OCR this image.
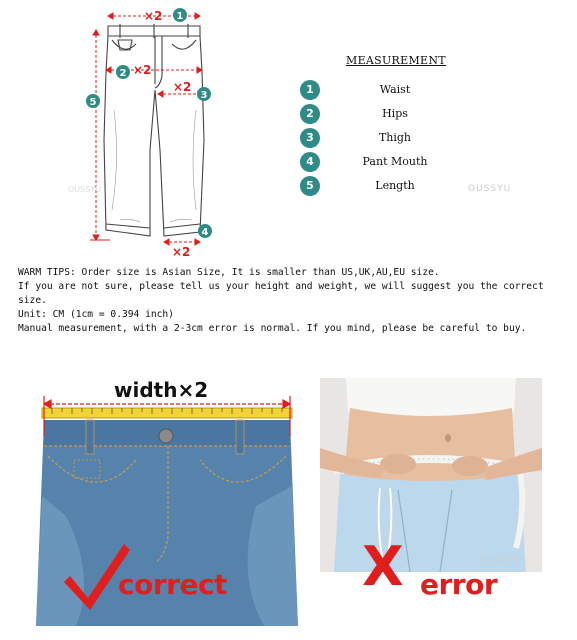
×2
×2
×2
×2
1
2
3
4
5
OUSSYU
MEASUREMENT
1	Waist
2	Hips
3	Thigh
4	Pant Mouth
5	Length	OUSSYU

WARM TIPS: Order size is Asian Size, It is smaller than US,UK,AU,EU size.

If you are not sure, please tell us your height and weight, we will suggest you the correct size.

Unit: CM (1cm = 0.394 inch)

Manual measurement, with a 2-3cm error is normal. If you mind, please be careful to buy.

width×2
correct
OUSSYU
X error
